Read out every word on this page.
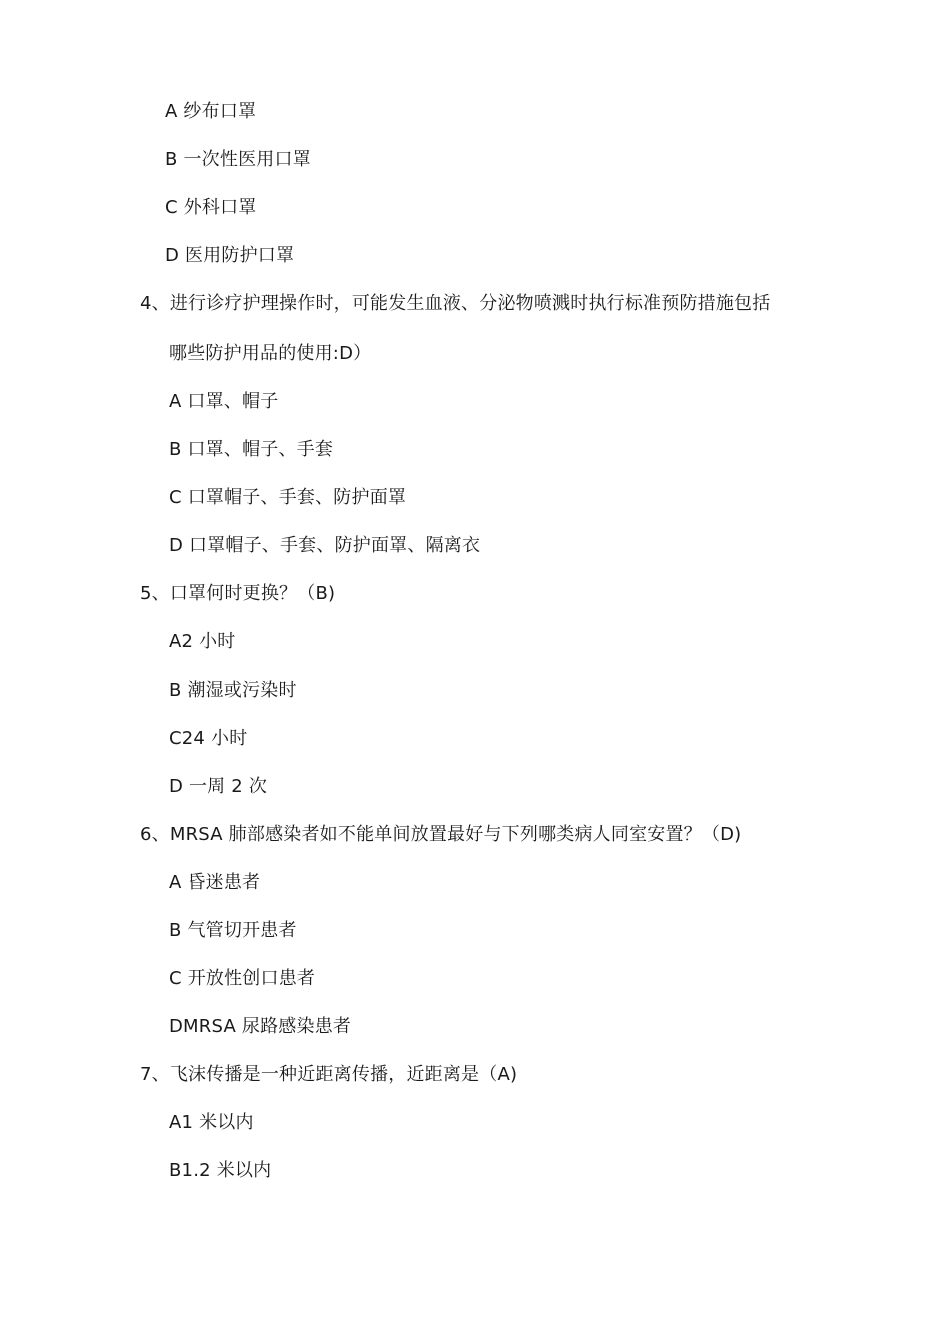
A 纱布口罩
B 一次性医用口罩
C 外科口罩
D 医用防护口罩
4、进行诊疗护理操作时，可能发生血液、分泌物喷溅时执行标准预防措施包括
哪些防护用品的使用:D）
A 口罩、帽子
B 口罩、帽子、手套
C 口罩帽子、手套、防护面罩
D 口罩帽子、手套、防护面罩、隔离衣
5、口罩何时更换？（B)
A2 小时
B 潮湿或污染时
C24 小时
D 一周 2 次
6、MRSA 肺部感染者如不能单间放置最好与下列哪类病人同室安置？（D)
A 昏迷患者
B 气管切开患者
C 开放性创口患者
DMRSA 尿路感染患者
7、飞沫传播是一种近距离传播，近距离是（A)
A1 米以内
B1.2 米以内
